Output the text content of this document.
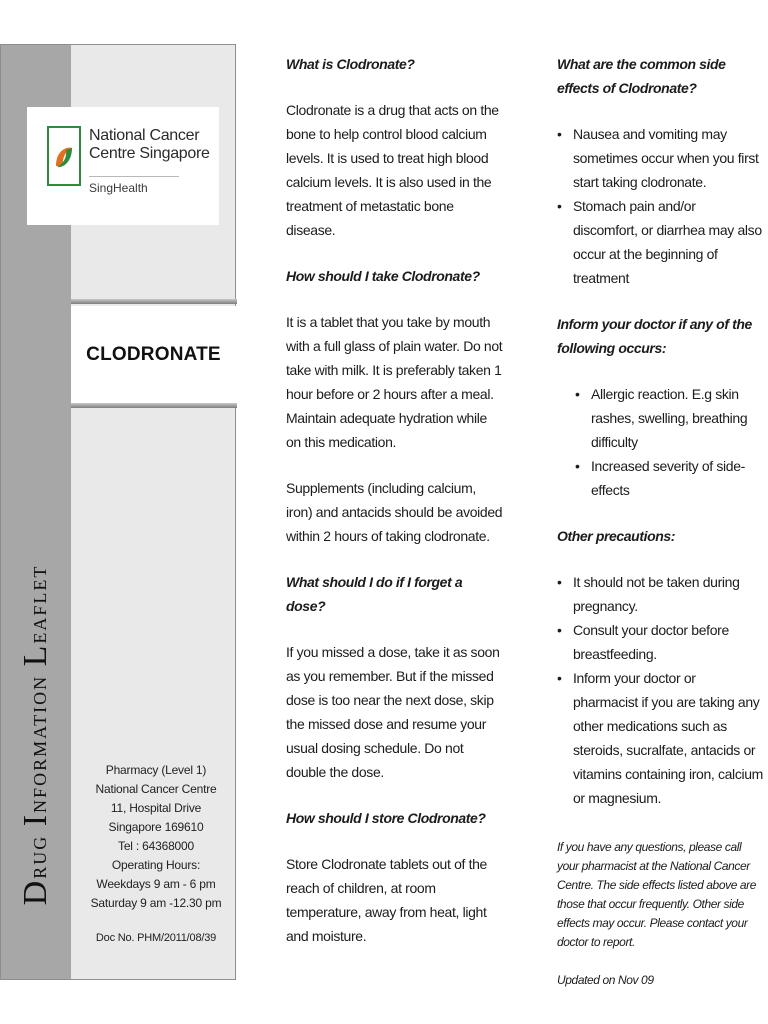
Drug Information Leaflet
National Cancer
Centre Singapore
SingHealth
CLODRONATE
Pharmacy (Level 1)
National Cancer Centre
11, Hospital Drive
Singapore 169610
Tel : 64368000
Operating Hours:
Weekdays 9 am - 6 pm
Saturday 9 am -12.30 pm
Doc No. PHM/2011/08/39
What is Clodronate?

Clodronate is a drug that acts on the bone to help control blood calcium levels. It is used to treat high blood calcium levels. It is also used in the treatment of metastatic bone disease.

How should I take Clodronate?

It is a tablet that you take by mouth with a full glass of plain water. Do not take with milk. It is preferably taken 1 hour before or 2 hours after a meal. Maintain adequate hydration while on this medication.

Supplements (including calcium, iron) and antacids should be avoided within 2 hours of taking clodronate.

What should I do if I forget a dose?

If you missed a dose, take it as soon as you remember. But if the missed dose is too near the next dose, skip the missed dose and resume your usual dosing schedule. Do not double the dose.

How should I store Clodronate?

Store Clodronate tablets out of the reach of children, at room temperature, away from heat, light and moisture.

What are the common side effects of Clodronate?
• Nausea and vomiting may sometimes occur when you first start taking clodronate.
• Stomach pain and/or discomfort, or diarrhea may also occur at the beginning of treatment
Inform your doctor if any of the following occurs:
• Allergic reaction. E.g skin rashes, swelling, breathing difficulty
• Increased severity of side-effects
Other precautions:
• It should not be taken during pregnancy.
• Consult your doctor before breastfeeding.
• Inform your doctor or pharmacist if you are taking any other medications such as steroids, sucralfate, antacids or vitamins containing iron, calcium or magnesium.

If you have any questions, please call your pharmacist at the National Cancer Centre. The side effects listed above are those that occur frequently. Other side effects may occur. Please contact your doctor to report.

Updated on Nov 09
